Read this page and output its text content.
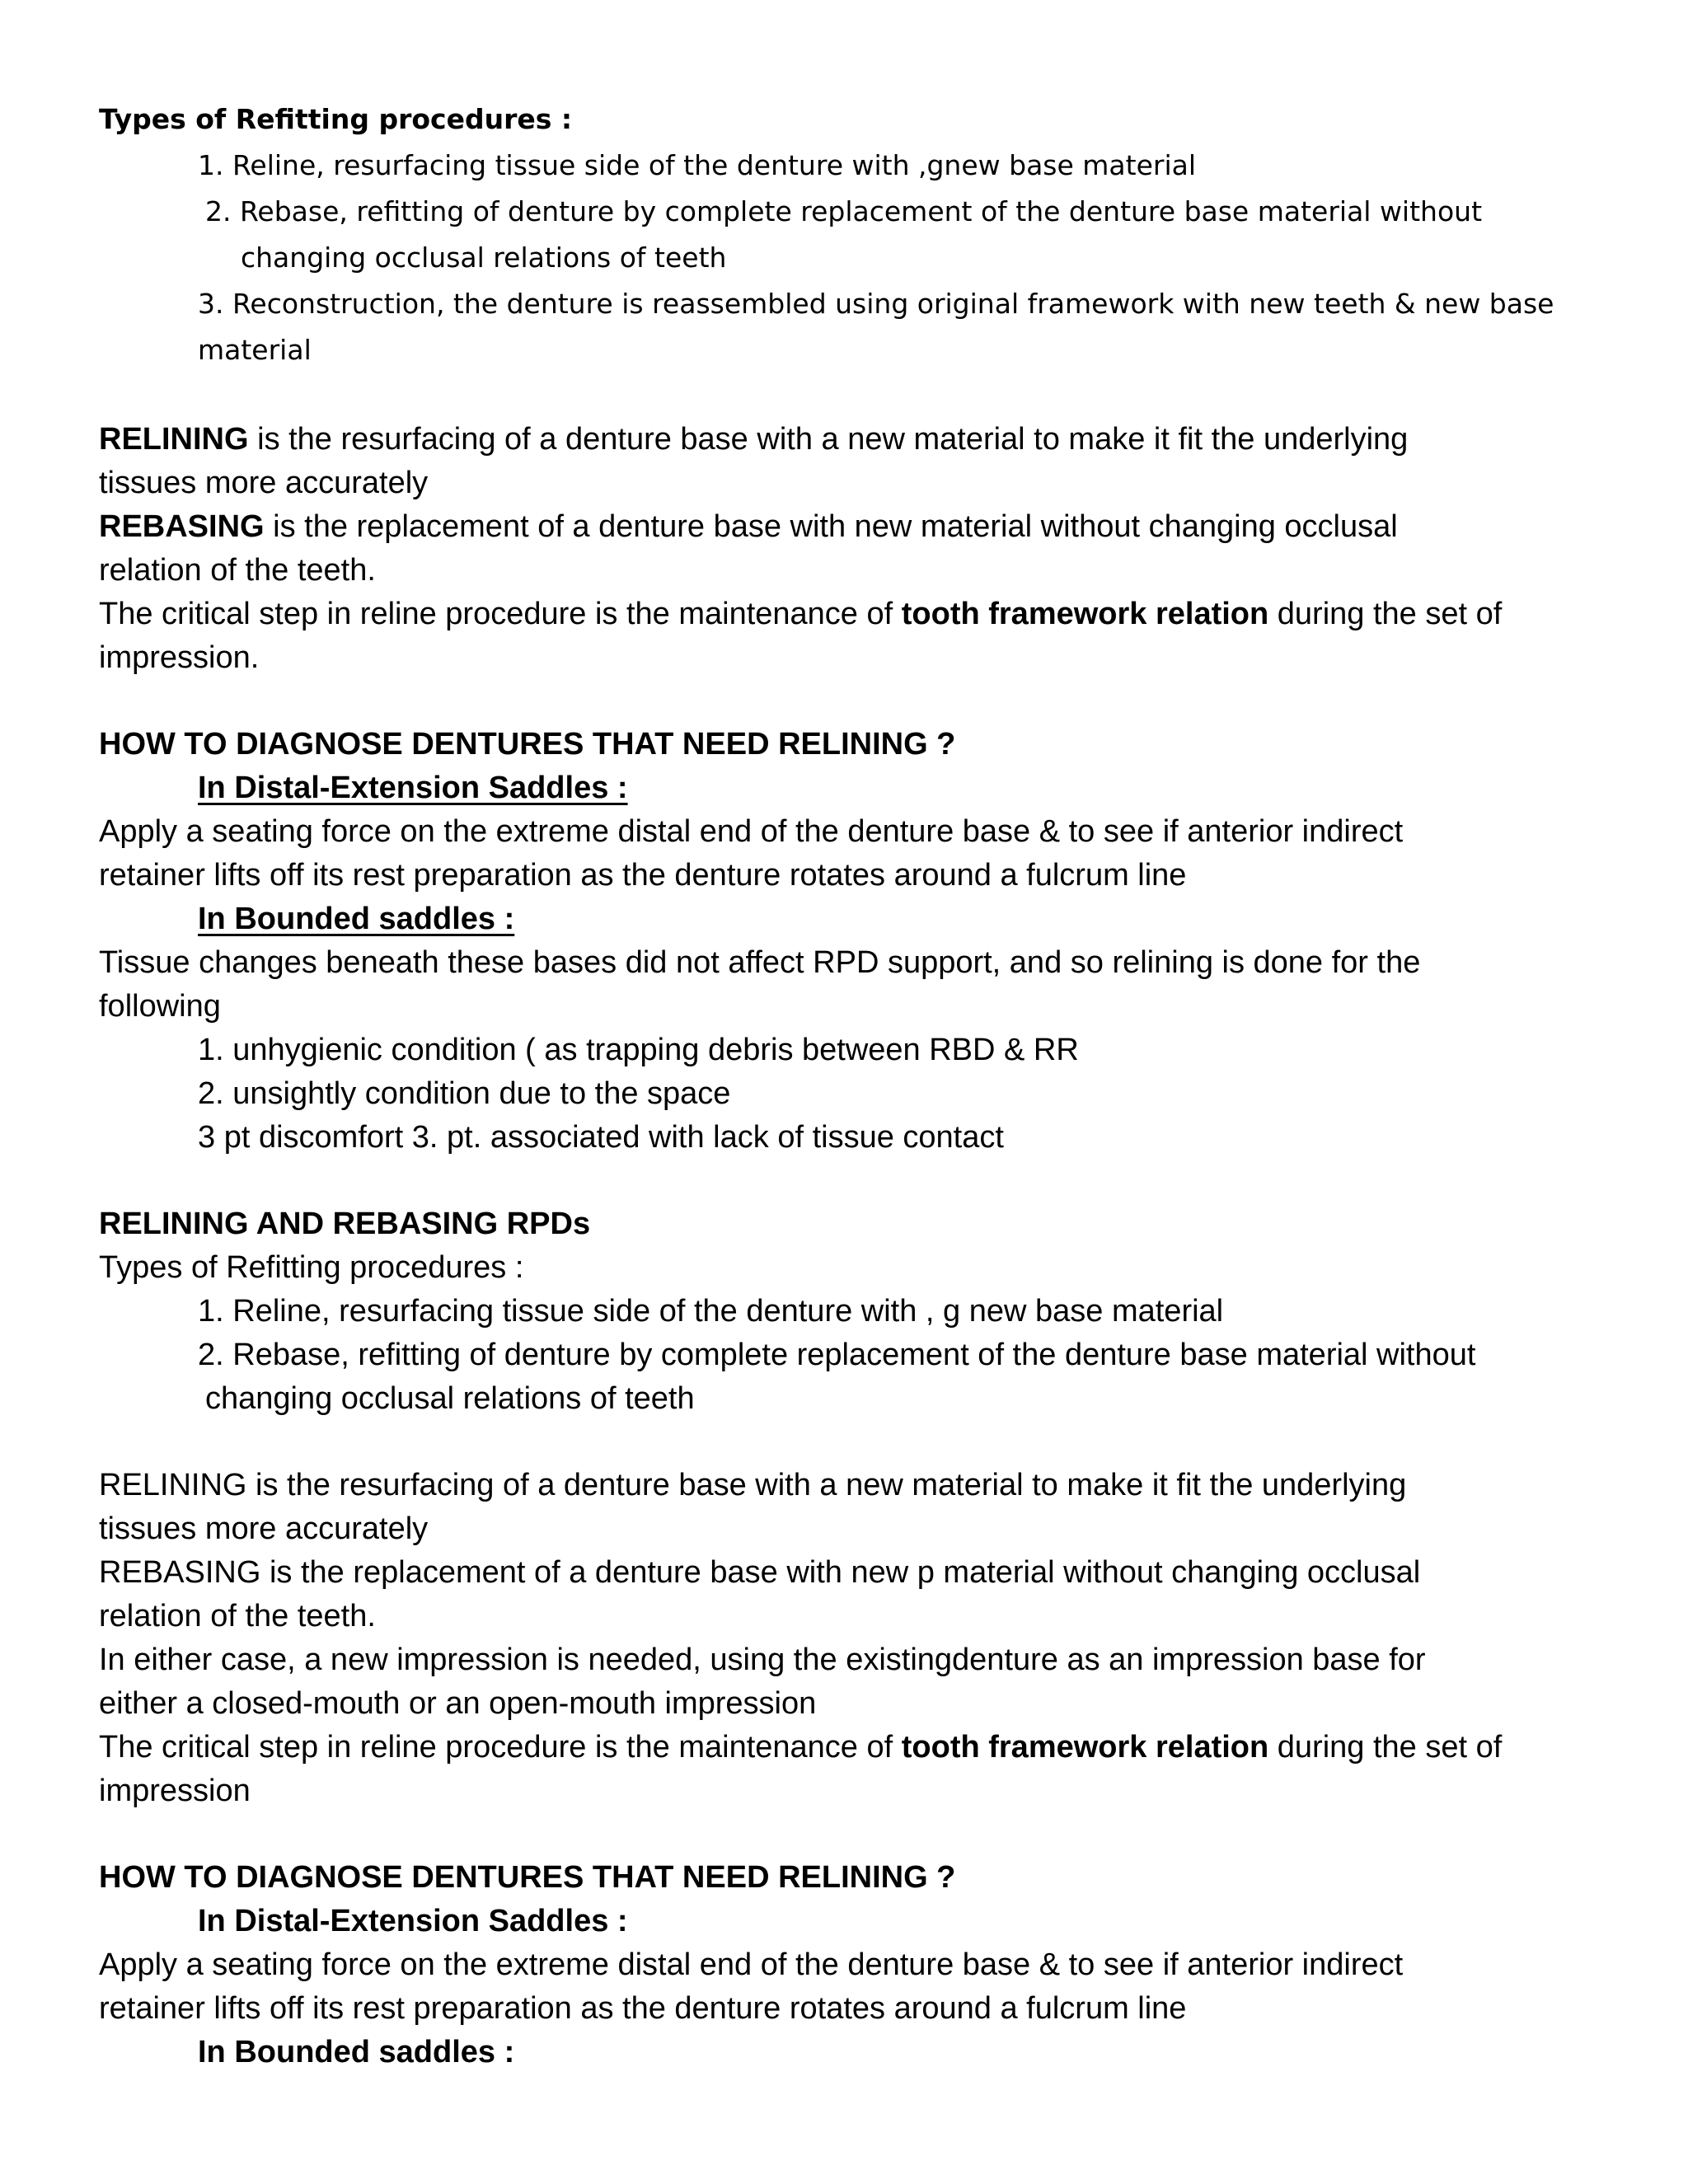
Types of Refitting procedures :
1. Reline, resurfacing tissue side of the denture with ,gnew base material
2. Rebase, refitting of denture by complete replacement of the denture base material without
changing occlusal relations of teeth
3. Reconstruction, the denture is reassembled using original framework with new teeth & new base
material
RELINING is the resurfacing of a denture base with a new material to make it fit the underlying
tissues more accurately
REBASING is the replacement of a denture base with new material without changing occlusal
relation of the teeth.
The critical step in reline procedure is the maintenance of tooth framework relation during the set of
impression.
HOW TO DIAGNOSE DENTURES THAT NEED RELINING ?
In Distal-Extension Saddles :
Apply a seating force on the extreme distal end of the denture base & to see if anterior indirect
retainer lifts off its rest preparation as the denture rotates around a fulcrum line
In Bounded saddles :
Tissue changes beneath these bases did not affect RPD support, and so relining is done for the
following
1. unhygienic condition ( as trapping debris between RBD & RR
2. unsightly condition due to the space
3 pt discomfort 3. pt. associated with lack of tissue contact
RELINING AND REBASING RPDs
Types of Refitting procedures :
1. Reline, resurfacing tissue side of the denture with , g new base material
2. Rebase, refitting of denture by complete replacement of the denture base material without
changing occlusal relations of teeth
RELINING is the resurfacing of a denture base with a new material to make it fit the underlying
tissues more accurately
REBASING is the replacement of a denture base with new p material without changing occlusal
relation of the teeth.
In either case, a new impression is needed, using the existingdenture as an impression base for
either a closed-mouth or an open-mouth impression
The critical step in reline procedure is the maintenance of tooth framework relation during the set of
impression
HOW TO DIAGNOSE DENTURES THAT NEED RELINING ?
In Distal-Extension Saddles :
Apply a seating force on the extreme distal end of the denture base & to see if anterior indirect
retainer lifts off its rest preparation as the denture rotates around a fulcrum line
In Bounded saddles :
